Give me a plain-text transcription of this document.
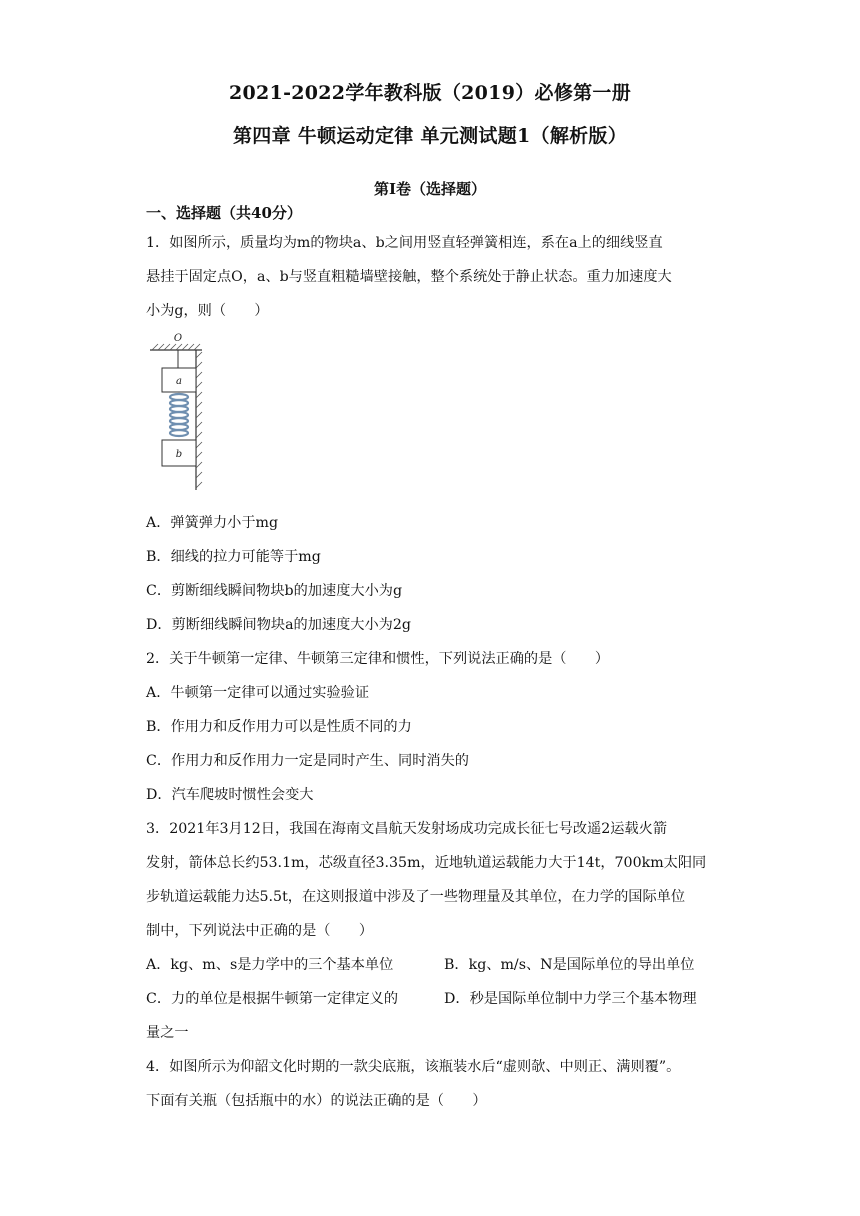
2021-2022学年教科版（2019）必修第一册
第四章 牛顿运动定律 单元测试题1（解析版）
第Ⅰ卷（选择题）
一、选择题（共40分）
1．如图所示，质量均为m的物块a、b之间用竖直轻弹簧相连，系在a上的细线竖直
悬挂于固定点O，a、b与竖直粗糙墙壁接触，整个系统处于静止状态。重力加速度大
小为g，则（　　）
O
a
b
A．弹簧弹力小于mg
B．细线的拉力可能等于mg
C．剪断细线瞬间物块b的加速度大小为g
D．剪断细线瞬间物块a的加速度大小为2g
2．关于牛顿第一定律、牛顿第三定律和惯性，下列说法正确的是（　　）
A．牛顿第一定律可以通过实验验证
B．作用力和反作用力可以是性质不同的力
C．作用力和反作用力一定是同时产生、同时消失的
D．汽车爬坡时惯性会变大
3．2021年3月12日，我国在海南文昌航天发射场成功完成长征七号改遥2运载火箭
发射，箭体总长约53.1m，芯级直径3.35m，近地轨道运载能力大于14t，700km太阳同
步轨道运载能力达5.5t，在这则报道中涉及了一些物理量及其单位，在力学的国际单位
制中，下列说法中正确的是（　　）
A．kg、m、s是力学中的三个基本单位	B．kg、m/s、N是国际单位的导出单位
C．力的单位是根据牛顿第一定律定义的	D．秒是国际单位制中力学三个基本物理
量之一
4．如图所示为仰韶文化时期的一款尖底瓶，该瓶装水后“虚则欹、中则正、满则覆”。
下面有关瓶（包括瓶中的水）的说法正确的是（　　）
